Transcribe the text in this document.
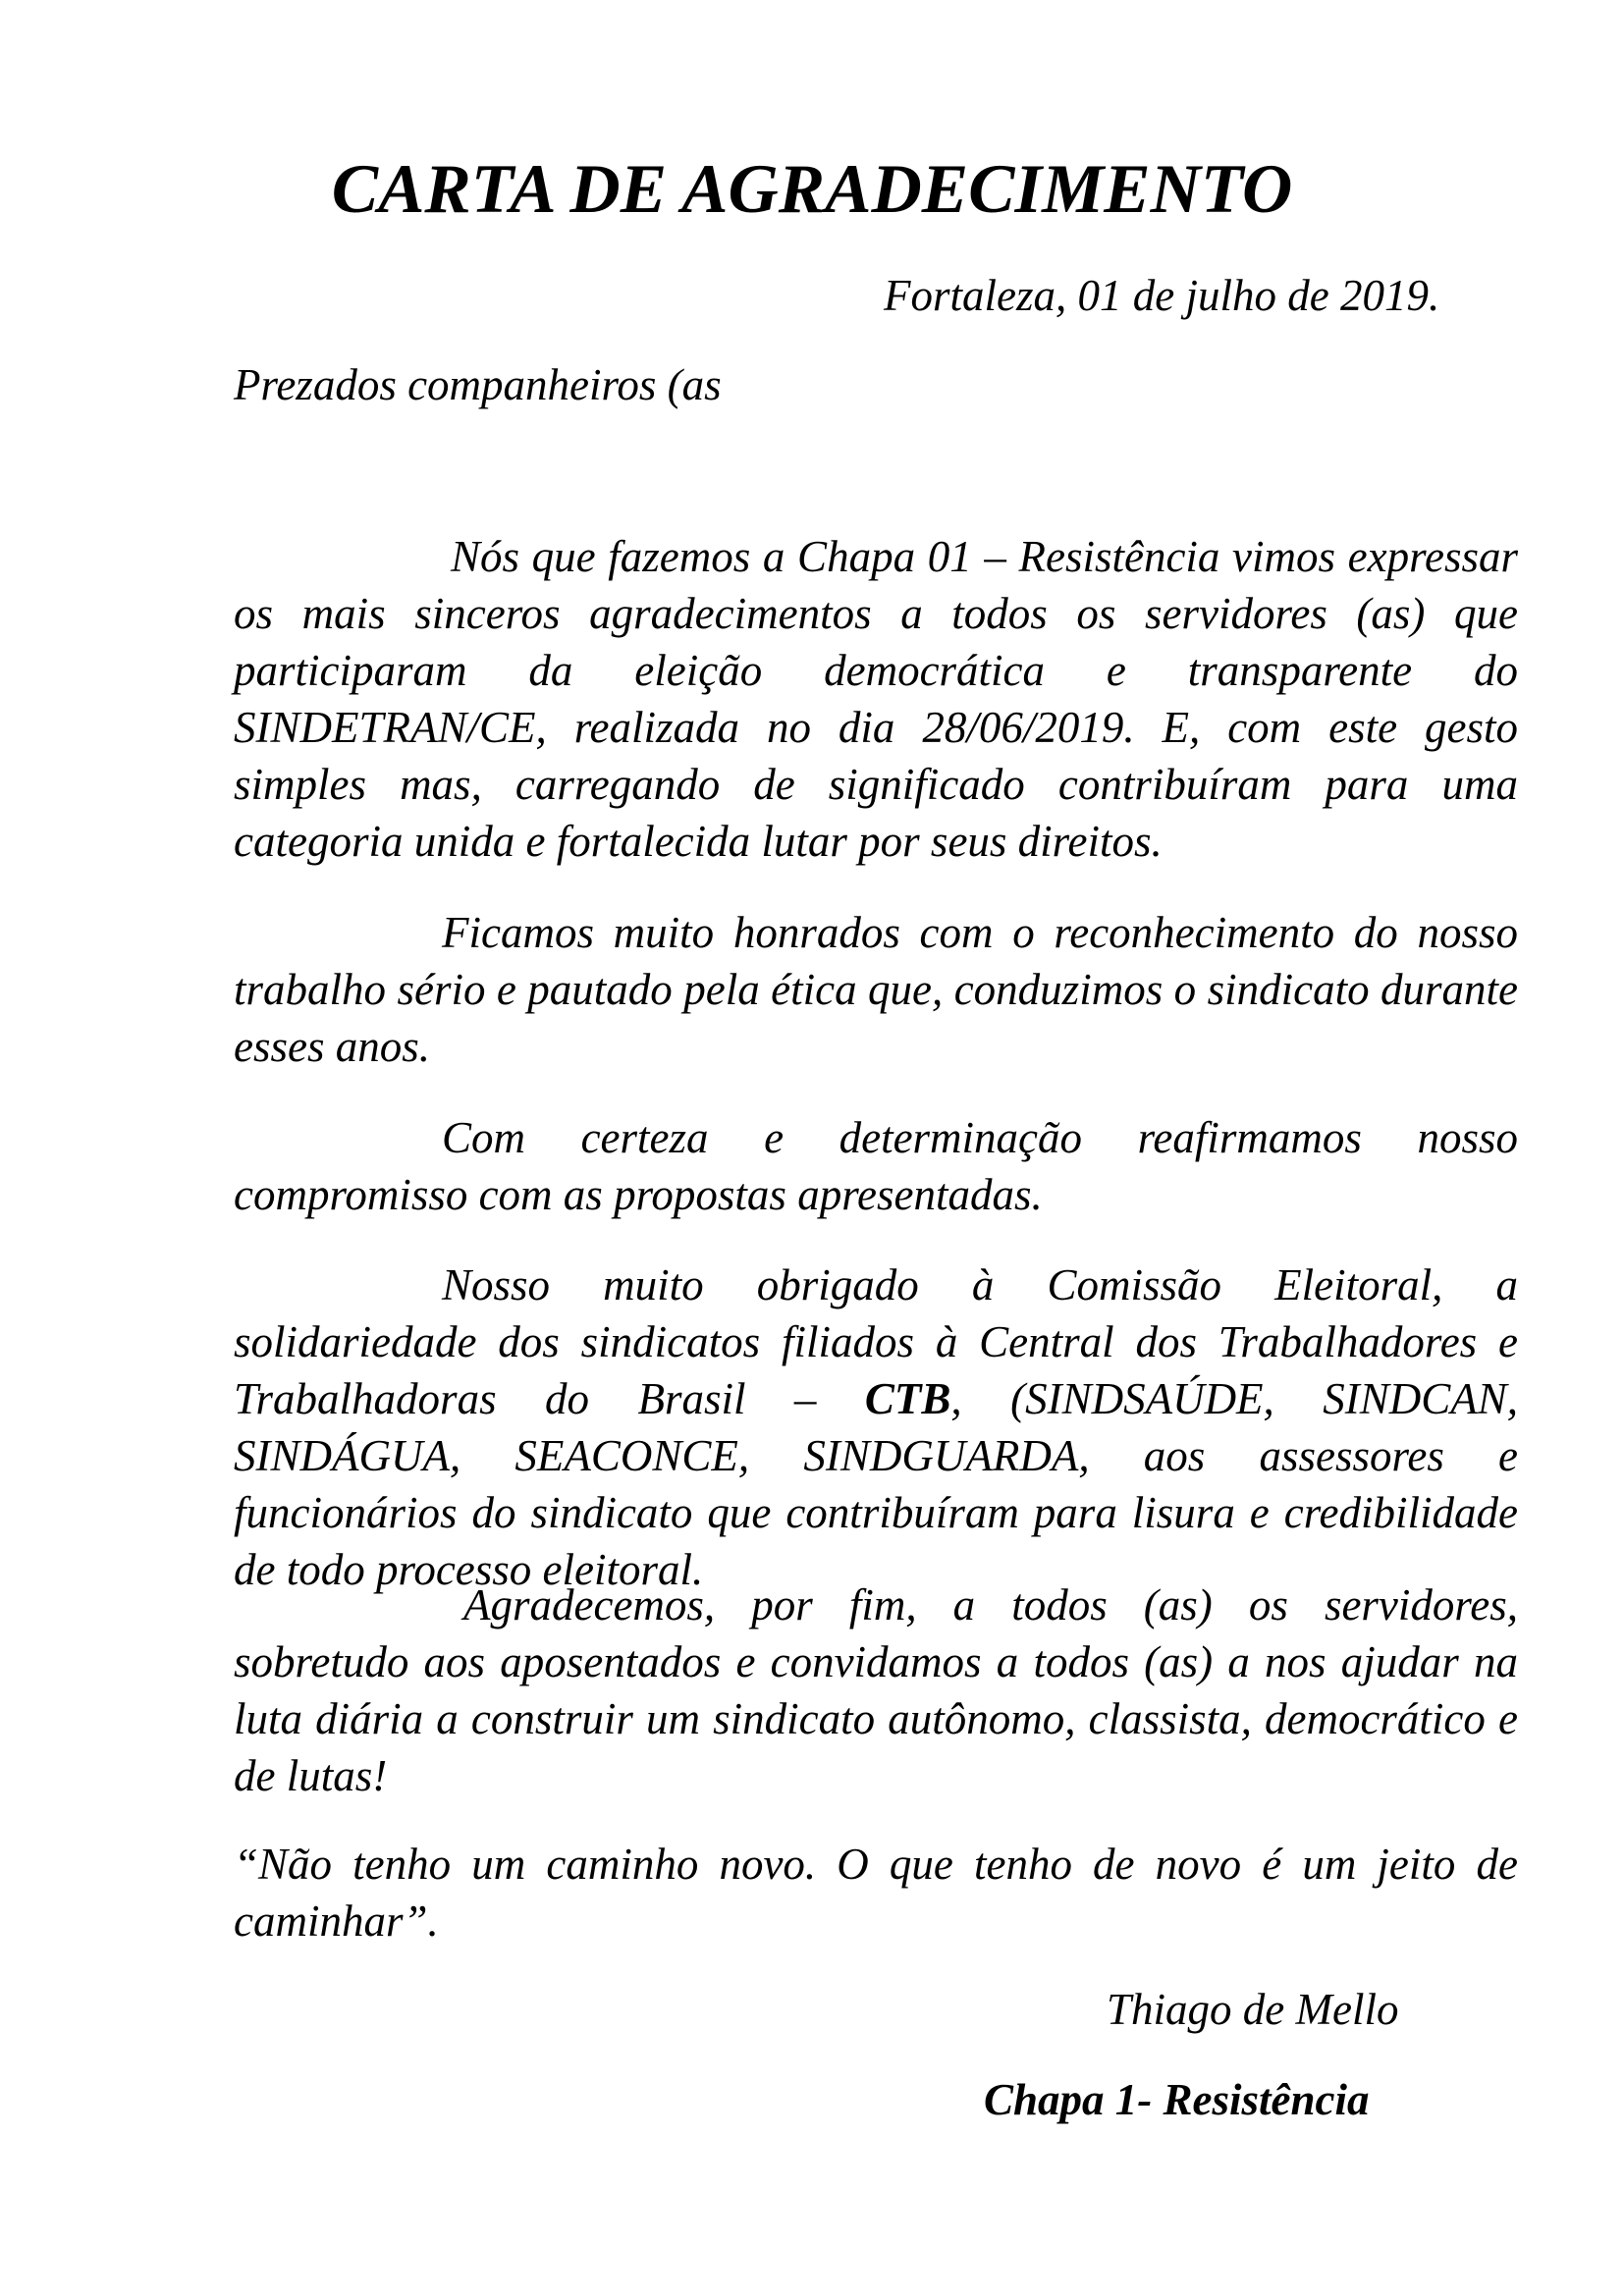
CARTA DE AGRADECIMENTO
Fortaleza, 01 de julho de 2019.
Prezados companheiros (as

Nós que fazemos a Chapa 01 – Resistência vimos expressar os mais sinceros agradecimentos a todos os servidores (as) que participaram da eleição democrática e transparente do SINDETRAN/CE, realizada no dia 28/06/2019. E, com este gesto simples mas, carregando de significado contribuíram para uma categoria unida e fortalecida lutar por seus direitos.

Ficamos muito honrados com o reconhecimento do nosso trabalho sério e pautado pela ética que, conduzimos o sindicato durante esses anos.

Com certeza e determinação reafirmamos nosso compromisso com as propostas apresentadas.

Nosso muito obrigado à Comissão Eleitoral, a solidariedade dos sindicatos filiados à Central dos Trabalhadores e Trabalhadoras do Brasil – CTB, (SINDSAÚDE, SINDCAN, SINDÁGUA, SEACONCE, SINDGUARDA, aos assessores e funcionários do sindicato que contribuíram para lisura e credibilidade de todo processo eleitoral.

Agradecemos, por fim, a todos (as) os servidores, sobretudo aos aposentados e convidamos a todos (as) a nos ajudar na luta diária a construir um sindicato autônomo, classista, democrático e de lutas!

“Não tenho um caminho novo. O que tenho de novo é um jeito de caminhar”.

Thiago de Mello
Chapa 1- Resistência
